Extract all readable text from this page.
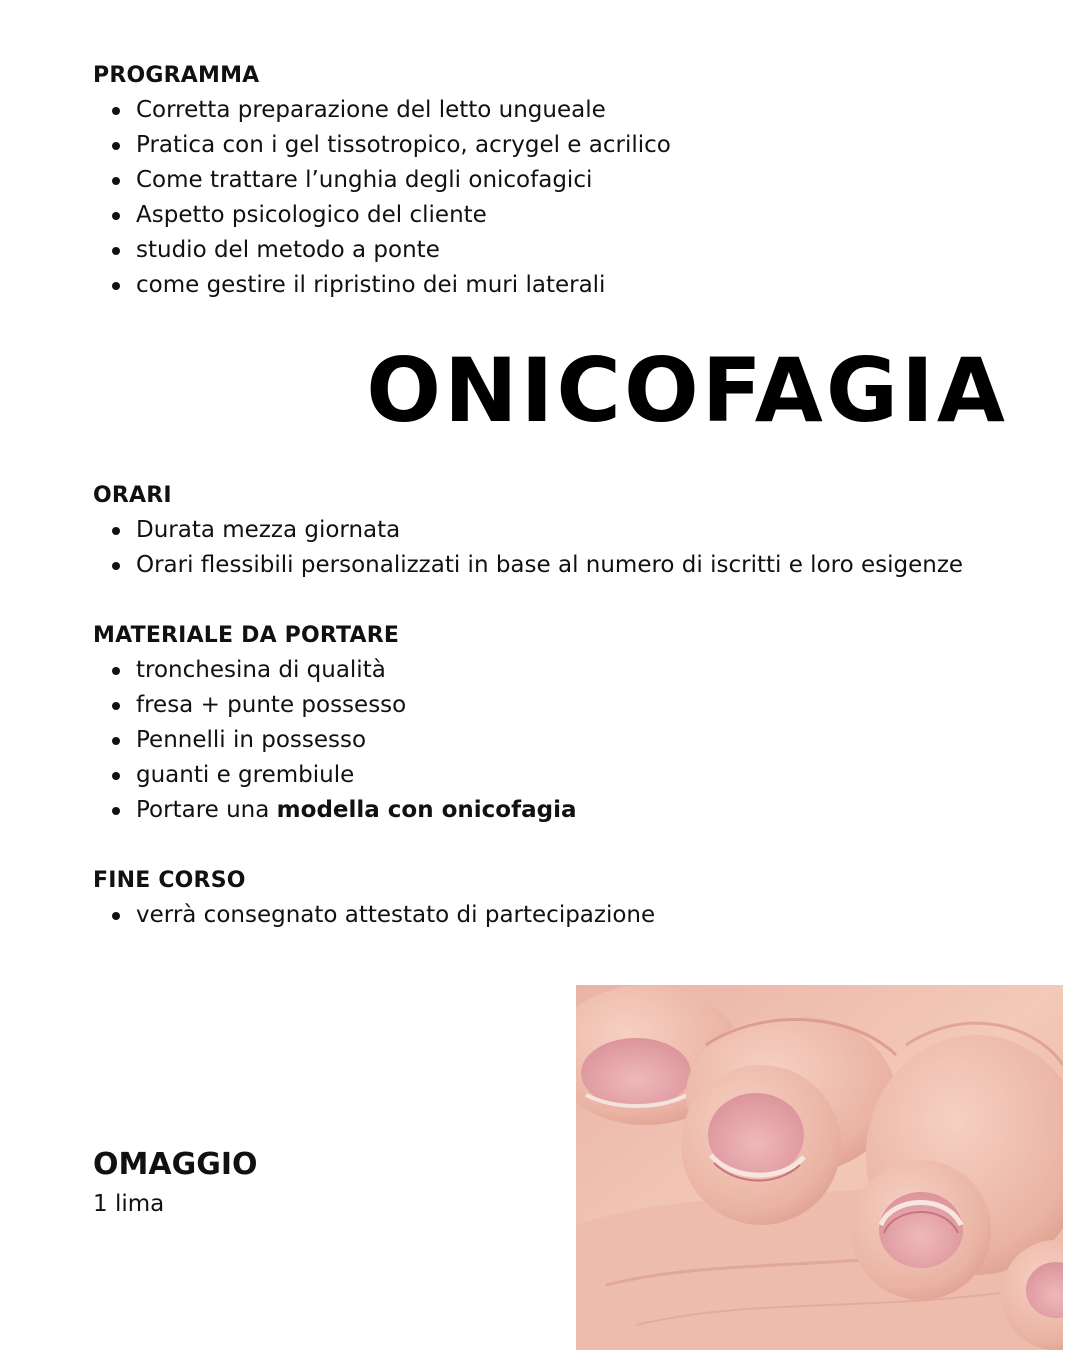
PROGRAMMA
Corretta preparazione del letto ungueale
Pratica con i gel tissotropico, acrygel e acrilico
Come trattare l’unghia degli onicofagici
Aspetto psicologico del cliente
studio del metodo a ponte
come gestire il ripristino dei muri laterali
ONICOFAGIA
ORARI
Durata mezza giornata
Orari flessibili personalizzati in base al numero di iscritti e loro esigenze
MATERIALE DA PORTARE
tronchesina di qualità
fresa + punte possesso
Pennelli in possesso
guanti e grembiule
Portare una modella con onicofagia
FINE CORSO
verrà consegnato attestato di partecipazione
OMAGGIO

1 lima
